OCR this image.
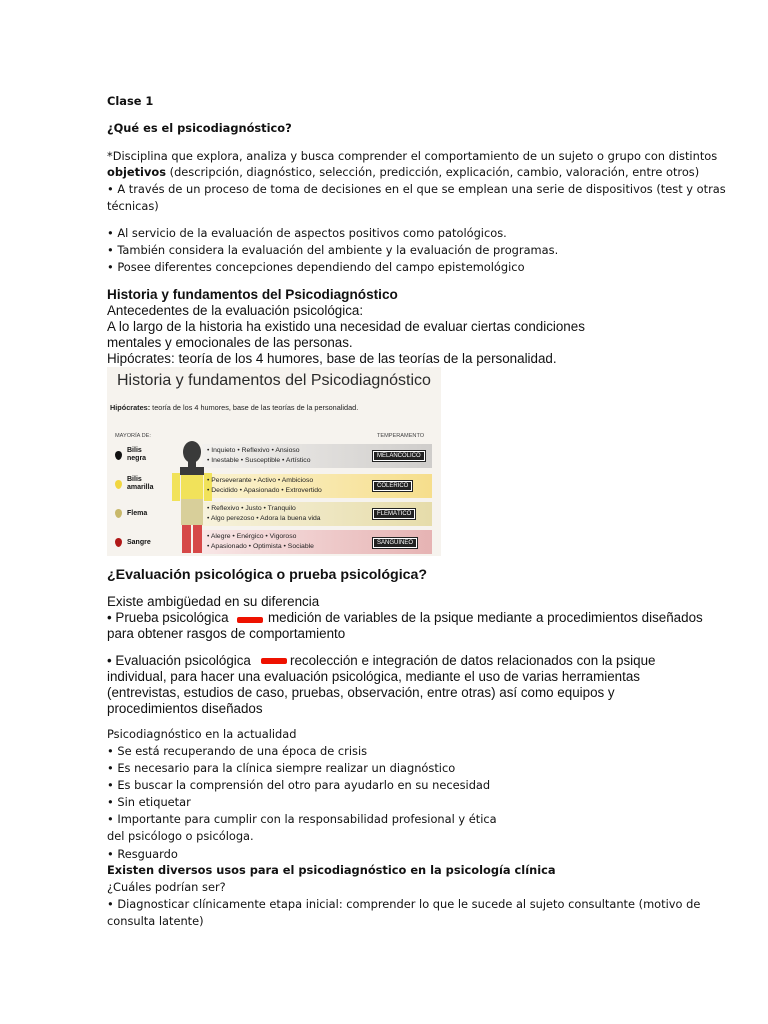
Clase 1
¿Qué es el psicodiagnóstico?
*Disciplina que explora, analiza y busca comprender el comportamiento de un sujeto o grupo con distintos
objetivos (descripción, diagnóstico, selección, predicción, explicación, cambio, valoración, entre otros)
• A través de un proceso de toma de decisiones en el que se emplean una serie de dispositivos (test y otras
técnicas)
• Al servicio de la evaluación de aspectos positivos como patológicos.
• También considera la evaluación del ambiente y la evaluación de programas.
• Posee diferentes concepciones dependiendo del campo epistemológico
Historia y fundamentos del Psicodiagnóstico
Antecedentes de la evaluación psicológica:
A lo largo de la historia ha existido una necesidad de evaluar ciertas condiciones
mentales y emocionales de las personas.
Hipócrates: teoría de los 4 humores, base de las teorías de la personalidad.
Historia y fundamentos del Psicodiagnóstico
Hipócrates: teoría de los 4 humores, base de las teorías de la personalidad.
MAYORÍA DE:	TEMPERAMENTO
Bilis negra
• Inquieto • Reflexivo • Ansioso
• Inestable • Susceptible • Artístico
MELANCÓLICO
Bilis amarilla
• Perseverante • Activo • Ambicioso
• Decidido • Apasionado • Extrovertido
COLÉRICO
Flema
• Reflexivo • Justo • Tranquilo
• Algo perezoso • Adora la buena vida
FLEMÁTICO
Sangre
• Alegre • Enérgico • Vigoroso
• Apasionado • Optimista • Sociable	SANGUÍNEO
¿Evaluación psicológica o prueba psicológica?
Existe ambigüedad en su diferencia
• Prueba psicológica	medición de variables de la psique mediante a procedimientos diseñados
para obtener rasgos de comportamiento
• Evaluación psicológica	recolección e integración de datos relacionados con la psique
individual, para hacer una evaluación psicológica, mediante el uso de varias herramientas
(entrevistas, estudios de caso, pruebas, observación, entre otras) así como equipos y
procedimientos diseñados
Psicodiagnóstico en la actualidad
• Se está recuperando de una época de crisis
• Es necesario para la clínica siempre realizar un diagnóstico
• Es buscar la comprensión del otro para ayudarlo en su necesidad
• Sin etiquetar
• Importante para cumplir con la responsabilidad profesional y ética
del psicólogo o psicóloga.
• Resguardo
Existen diversos usos para el psicodiagnóstico en la psicología clínica
¿Cuáles podrían ser?
• Diagnosticar clínicamente etapa inicial: comprender lo que le sucede al sujeto consultante (motivo de
consulta latente)
